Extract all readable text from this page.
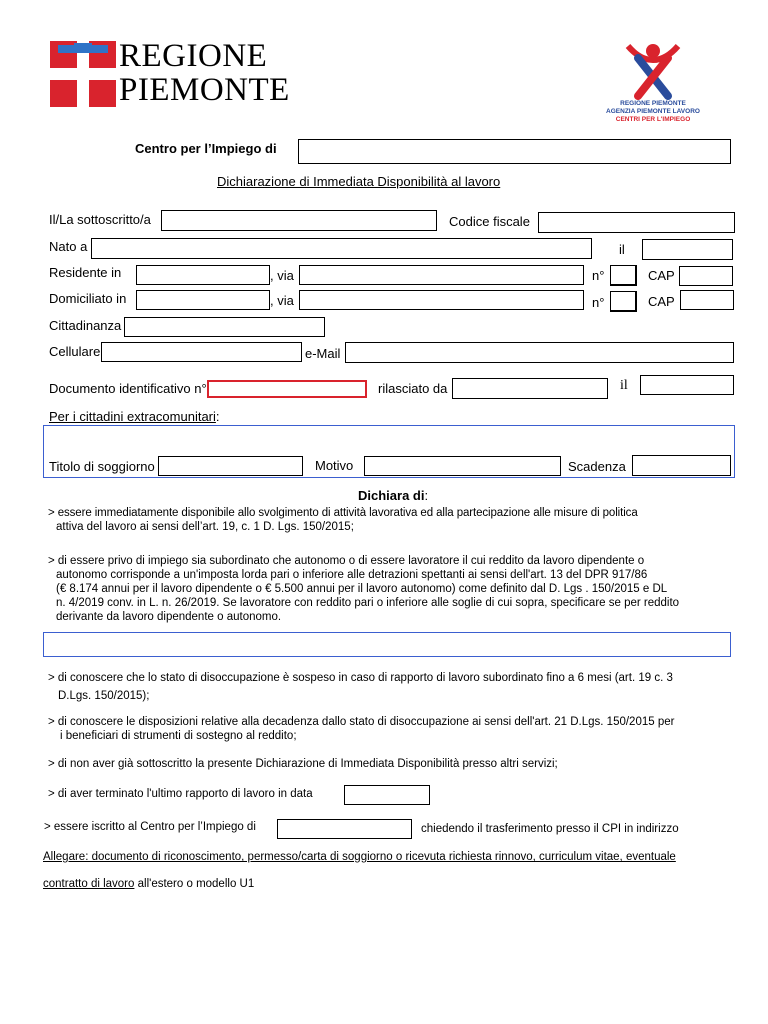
REGIONE
PIEMONTE	REGIONE PIEMONTE
AGENZIA PIEMONTE LAVORO
CENTRI PER L'IMPIEGO
Centro per l’Impiego di
Dichiarazione di Immediata Disponibilità al lavoro
Il/La sottoscritto/a	Codice fiscale
Nato a	il
Residente in	, via	n°	CAP
Domiciliato in	, via	n°	CAP
Cittadinanza
Cellulare	e-Mail
Documento identificativo n°	rilasciato da	il
Per i cittadini extracomunitari:
Titolo di soggiorno	Motivo	Scadenza
Dichiara di:
> essere immediatamente disponibile allo svolgimento di attività lavorativa ed alla partecipazione alle misure di politica
attiva del lavoro ai sensi dell’art. 19, c. 1 D. Lgs. 150/2015;
> di essere privo di impiego sia subordinato che autonomo o di essere lavoratore il cui reddito da lavoro dipendente o
autonomo corrisponde a un'imposta lorda pari o inferiore alle detrazioni spettanti ai sensi dell'art. 13 del DPR 917/86
(€ 8.174 annui per il lavoro dipendente o € 5.500 annui per il lavoro autonomo) come definito dal D. Lgs . 150/2015 e DL
n. 4/2019 conv. in L. n. 26/2019. Se lavoratore con reddito pari o inferiore alle soglie di cui sopra, specificare se per reddito
derivante da lavoro dipendente o autonomo.
> di conoscere che lo stato di disoccupazione è sospeso in caso di rapporto di lavoro subordinato fino a 6 mesi (art. 19 c. 3
D.Lgs. 150/2015);
> di conoscere le disposizioni relative alla decadenza dallo stato di disoccupazione ai sensi dell'art. 21 D.Lgs. 150/2015 per
i beneficiari di strumenti di sostegno al reddito;
> di non aver già sottoscritto la presente Dichiarazione di Immediata Disponibilità presso altri servizi;
> di aver terminato l'ultimo rapporto di lavoro in data
> essere iscritto al Centro per l’Impiego di	chiedendo il trasferimento presso il CPI in indirizzo
Allegare: documento di riconoscimento, permesso/carta di soggiorno o ricevuta richiesta rinnovo, curriculum vitae, eventuale
contratto di lavoro all'estero o modello U1
